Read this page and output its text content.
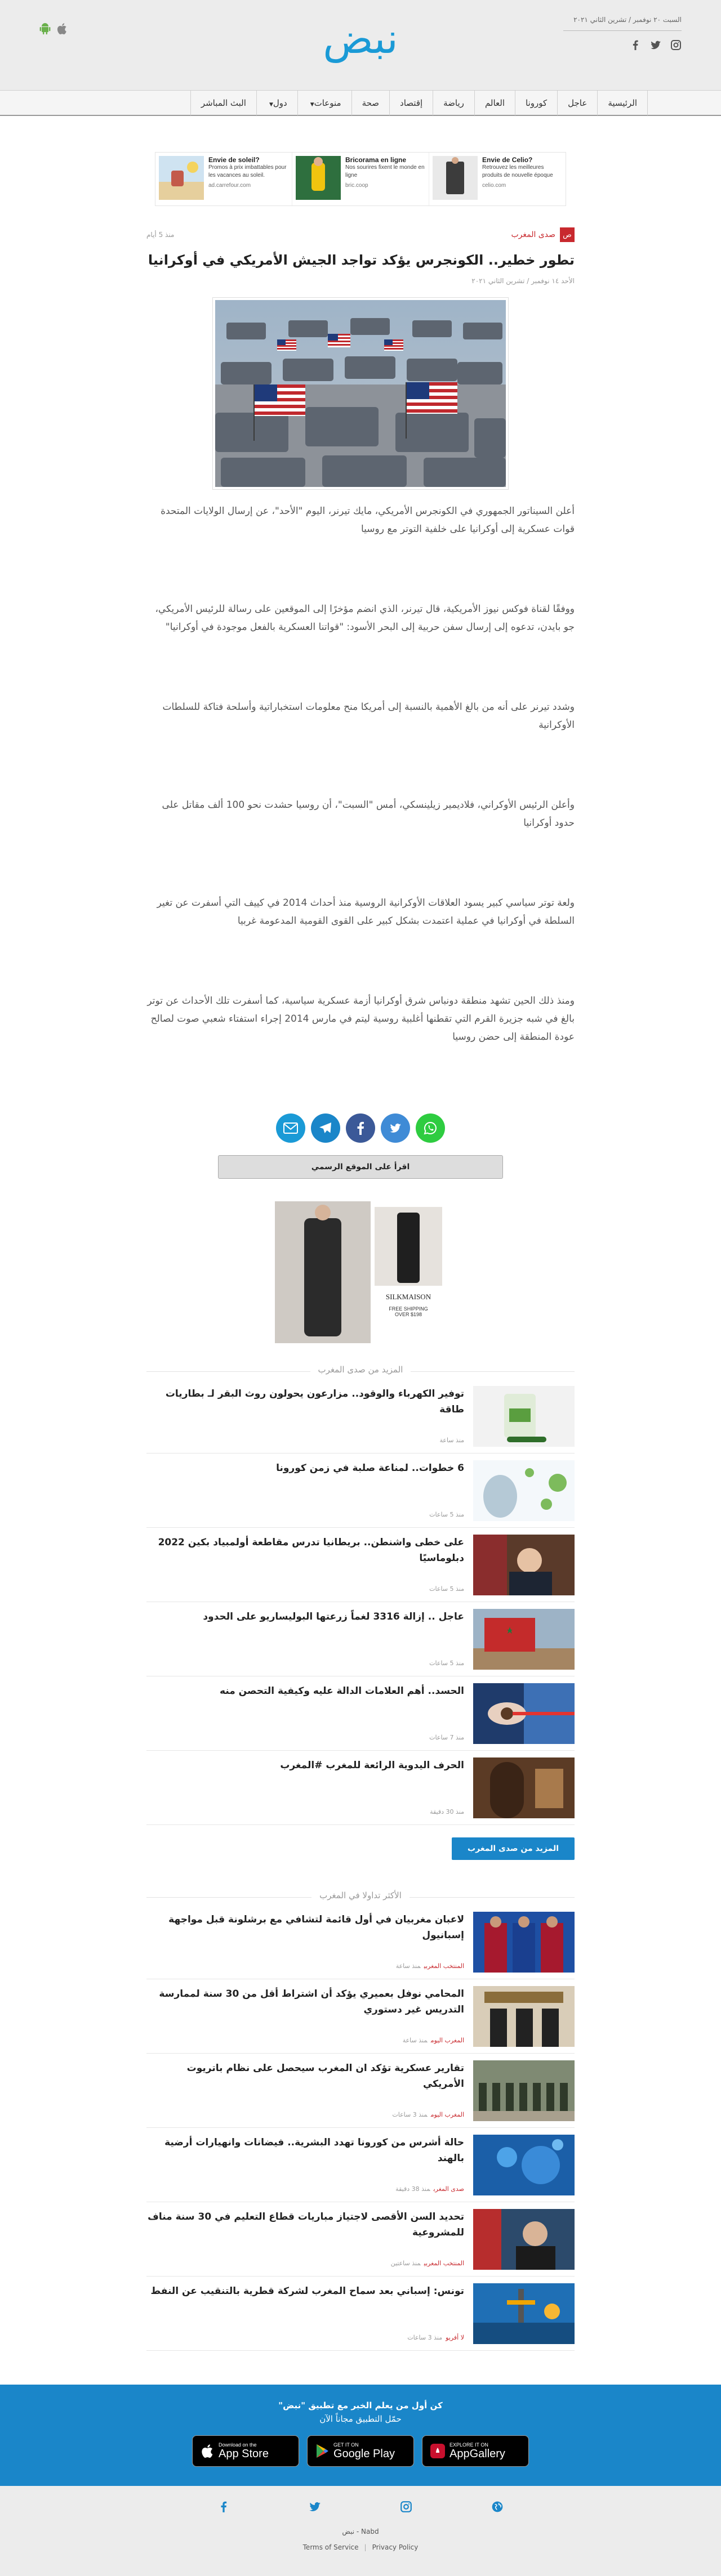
السبت ٢٠ نوفمبر / تشرين الثاني ٢٠٢١
نبض
الرئيسية
عاجل
كورونا
العالم
رياضة
إقتصاد
صحة
منوعات▼
دول▼
البث المباشر
Envie de soleil?
Promos à prix imbattables pour les vacances au soleil.
ad.carrefour.com
Bricorama en ligne
Nos sourires fixent le monde en ligne
bric.coop
Envie de Celio?
Retrouvez les meilleures produits de nouvelle époque
celio.com
ص
صدى المغرب
منذ 5 أيام
تطور خطير.. الكونجرس يؤكد تواجد الجيش الأمريكي في أوكرانيا
الأحد ١٤ نوفمبر / تشرين الثاني ٢٠٢١

أعلن السيناتور الجمهوري في الكونجرس الأمريكي، مايك تيرنر، اليوم "الأحد"، عن إرسال الولايات المتحدة قوات عسكرية إلى أوكرانيا على خلفية التوتر مع روسيا

ووفقًا لقناة فوكس نيوز الأمريكية، قال تيرنر، الذي انضم مؤخرًا إلى الموقعين على رسالة للرئيس الأمريكي، جو بايدن، تدعوه إلى إرسال سفن حربية إلى البحر الأسود: "قواتنا العسكرية بالفعل موجودة في أوكرانيا"

وشدد تيرنر على أنه من بالغ الأهمية بالنسبة إلى أمريكا منح معلومات استخباراتية وأسلحة فتاكة للسلطات الأوكرانية

وأعلن الرئيس الأوكراني، فلاديمير زيلينسكي، أمس "السبت"، أن روسيا حشدت نحو 100 ألف مقاتل على حدود أوكرانيا

ولعة توتر سياسي كبير يسود العلاقات الأوكرانية الروسية منذ أحداث 2014 في كييف التي أسفرت عن تغير السلطة في أوكرانيا في عملية اعتمدت بشكل كبير على القوى القومية المدعومة غربيا

ومنذ ذلك الحين تشهد منطقة دونباس شرق أوكرانيا أزمة عسكرية سياسية، كما أسفرت تلك الأحداث عن توتر بالغ في شبه جزيرة القرم التي تقطنها أغلبية روسية ليتم في مارس 2014 إجراء استفتاء شعبي صوت لصالح عودة المنطقة إلى حضن روسيا

اقرأ على الموقع الرسمي
SILKMAISON
FREE SHIPPING
OVER $198
المزيد من صدى المغرب
توفير الكهرباء والوقود.. مزارعون يحولون روث البقر لـ بطاريات طاقة
منذ ساعة
6 خطوات.. لمناعة صلبة في زمن كورونا
منذ 5 ساعات
على خطى واشنطن.. بريطانيا تدرس مقاطعة أولمبياد بكين 2022 دبلوماسيًا
منذ 5 ساعات
عاجل .. إزالة 3316 لغماً زرعتها البوليساريو على الحدود
منذ 5 ساعات
الحسد.. أهم العلامات الدالة عليه وكيفية التحصن منه
منذ 7 ساعات
الحرف اليدوية الرائعة للمغرب #المغرب
منذ 30 دقيقة
المزيد من صدى المغرب
الأكثر تداولا في المغرب
لاعبان مغربيان في أول قائمة لتشافي مع برشلونة قبل مواجهة إسبانيول
المنتخب المغربيمنذ ساعة
المحامي نوفل بعميري يؤكد أن اشتراط أقل من 30 سنة لممارسة التدريس غير دستوري
المغرب اليوممنذ ساعة
تقارير عسكرية تؤكد ان المغرب سيحصل على نظام باتريوت الأمريكي
المغرب اليوممنذ 3 ساعات
حالة أشرس من كورونا تهدد البشرية.. فيضانات وانهيارات أرضية بالهند
صدى المغربمنذ 38 دقيقة
تحديد السن الأقصى لاجتياز مباريات قطاع التعليم في 30 سنة مناف للمشروعية
المنتخب المغربيمنذ ساعتين
تونس: إسباني بعد سماح المغرب لشركة قطرية بالتنقيب عن النفط
لا أفريومنذ 3 ساعات
كن أول من يعلم الخبر مع تطبيق "نبض"
حمّل التطبيق مجاناً الآن
Download on the
App Store
GET IT ON
Google Play
EXPLORE IT ON
AppGallery
Nabd - نبض
Terms of Service | Privacy Policy
